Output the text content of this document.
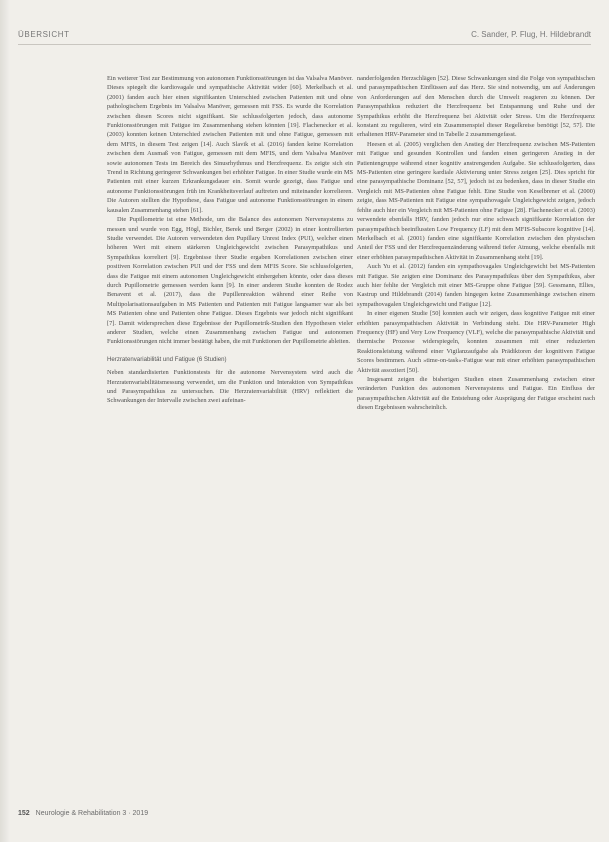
ÜBERSICHT	C. Sander, P. Flug, H. Hildebrandt

Ein weiterer Test zur Bestimmung von autonomen Funktionsstörungen ist das Valsalva Manöver. Dieses spiegelt die kardiovagale und sympathische Aktivität wider [60]. Merkelbach et al. (2001) fanden auch hier einen signifikanten Unterschied zwischen Patienten mit und ohne pathologischem Ergebnis im Valsalva Manöver, gemessen mit FSS. Es wurde die Korrelation zwischen diesen Scores nicht signifikant. Sie schlussfolgerten jedoch, dass autonome Funktionsstörungen mit Fatigue im Zusammenhang stehen könnten [19]. Flachenecker et al. (2003) konnten keinen Unterschied zwischen Patienten mit und ohne Fatigue, gemessen mit dem MFIS, in diesem Test zeigen [14]. Auch Slavik et al. (2016) fanden keine Korrelation zwischen dem Ausmaß von Fatigue, gemessen mit dem MFIS, und dem Valsalva Manöver sowie autonomen Tests im Bereich des Sinusrhythmus und Herzfrequenz. Es zeigte sich ein Trend in Richtung geringerer Schwankungen bei erhöhter Fatigue. In einer Studie wurde ein MS Patienten mit einer kurzen Erkrankungsdauer ein. Somit wurde gezeigt, dass Fatigue und autonome Funktionsstörungen früh im Krankheitsverlauf auftreten und miteinander korrelieren. Die Autoren stellten die Hypothese, dass Fatigue und autonome Funktionsstörungen in einem kausalen Zusammenhang stehen [61].

Die Pupillometrie ist eine Methode, um die Balance des autonomen Nervensystems zu messen und wurde von Egg, Högl, Bichler, Berek und Berger (2002) in einer kontrollierten Studie verwendet. Die Autoren verwendeten den Pupillary Unrest Index (PUI), welcher einen höheren Wert mit einem stärkeren Ungleichgewicht zwischen Parasympathikus und Sympathikus korreliert [9]. Ergebnisse ihrer Studie ergaben Korrelationen zwischen einer positiven Korrelation zwischen PUI und der FSS und dem MFIS Score. Sie schlussfolgerten, dass die Fatigue mit einem autonomen Ungleichgewicht einhergehen könnte, oder dass dieses durch Pupillometrie gemessen werden kann [9]. In einer anderen Studie konnten de Rodez Benavent et al. (2017), dass die Pupillenreaktion während einer Reihe von Multipolarisationsaufgaben in MS Patienten und Patienten mit Fatigue langsamer war als bei MS Patienten ohne und Patienten ohne Fatigue. Dieses Ergebnis war jedoch nicht signifikant [7]. Damit widersprechen diese Ergebnisse der Pupillometrik-Studien den Hypothesen vieler anderer Studien, welche einen Zusammenhang zwischen Fatigue und autonomen Funktionsstörungen nicht immer bestätigt haben, die mit Funktionen der Pupillometrie ableiten.

Herzratenvariabilität und Fatigue (6 Studien)

Neben standardisierten Funktionstests für die autonome Nervensystem wird auch die Herzratenvariabilitätsmessung verwendet, um die Funktion und Interaktion von Sympathikus und Parasympathikus zu untersuchen. Die Herzratenvariabilität (HRV) reflektiert die Schwankungen der Intervalle zwischen zwei aufeinan-

nanderfolgenden Herzschlägen [52]. Diese Schwankungen sind die Folge von sympathischen und parasympathischen Einflüssen auf das Herz. Sie sind notwendig, um auf Änderungen von Anforderungen auf den Menschen durch die Umwelt reagieren zu können. Der Parasympathikus reduziert die Herzfrequenz bei Entspannung und Ruhe und der Sympathikus erhöht die Herzfrequenz bei Aktivität oder Stress. Um die Herzfrequenz konstant zu regulieren, wird ein Zusammenspiel dieser Regelkreise benötigt [52, 57]. Die erhaltenen HRV-Parameter sind in Tabelle 2 zusammengefasst.

Heesen et al. (2005) verglichen den Anstieg der Herzfrequenz zwischen MS-Patienten mit Fatigue und gesunden Kontrollen und fanden einen geringeren Anstieg in der Patientengruppe während einer kognitiv anstrengenden Aufgabe. Sie schlussfolgerten, dass MS-Patienten eine geringere kardiale Aktivierung unter Stress zeigen [25]. Dies spricht für eine parasympathische Dominanz [52, 57], jedoch ist zu bedenken, dass in dieser Studie ein Vergleich mit MS-Patienten ohne Fatigue fehlt. Eine Studie von Keselbrener et al. (2000) zeigte, dass MS-Patienten mit Fatigue eine sympathovagale Ungleichgewicht zeigen, jedoch fehlte auch hier ein Vergleich mit MS-Patienten ohne Fatigue [28]. Flachenecker et al. (2003) verwendete ebenfalls HRV, fanden jedoch nur eine schwach signifikante Korrelation der parasympathisch beeinflussten Low Frequency (LF) mit dem MFIS-Subscore kognitive [14]. Merkelbach et al. (2001) fanden eine signifikante Korrelation zwischen den physischen Anteil der FSS und der Herzfrequenzänderung während tiefer Atmung, welche ebenfalls mit einer erhöhten parasympathischen Aktivität in Zusammenhang steht [19].

Auch Yu et al. (2012) fanden ein sympathovagales Ungleichgewicht bei MS-Patienten mit Fatigue. Sie zeigten eine Dominanz des Parasympathikus über den Sympathikus, aber auch hier fehlte der Vergleich mit einer MS-Gruppe ohne Fatigue [59]. Gessmann, Ellies, Kastrup und Hildebrandt (2014) fanden hingegen keine Zusammenhänge zwischen einem sympathovagalen Ungleichgewicht und Fatigue [12].

In einer eigenen Studie [50] konnten auch wir zeigen, dass kognitive Fatigue mit einer erhöhten parasympathischen Aktivität in Verbindung steht. Die HRV-Parameter High Frequency (HF) und Very Low Frequency (VLF), welche die parasympathische Aktivität und thermische Prozesse widerspiegeln, konnten zusammen mit einer reduzierten Reaktionsleistung während einer Vigilanzaufgabe als Prädiktoren der kognitiven Fatigue Scores bestimmen. Auch »time-on-task«-Fatigue war mit einer erhöhten parasympathischen Aktivität assoziiert [50].

Insgesamt zeigen die bisherigen Studien einen Zusammenhang zwischen einer veränderten Funktion des autonomen Nervensystems und Fatigue. Ein Einfluss der parasympathischen Aktivität auf die Entstehung oder Ausprägung der Fatigue erscheint nach diesen Ergebnissen wahrscheinlich.

152 Neurologie & Rehabilitation 3 · 2019
